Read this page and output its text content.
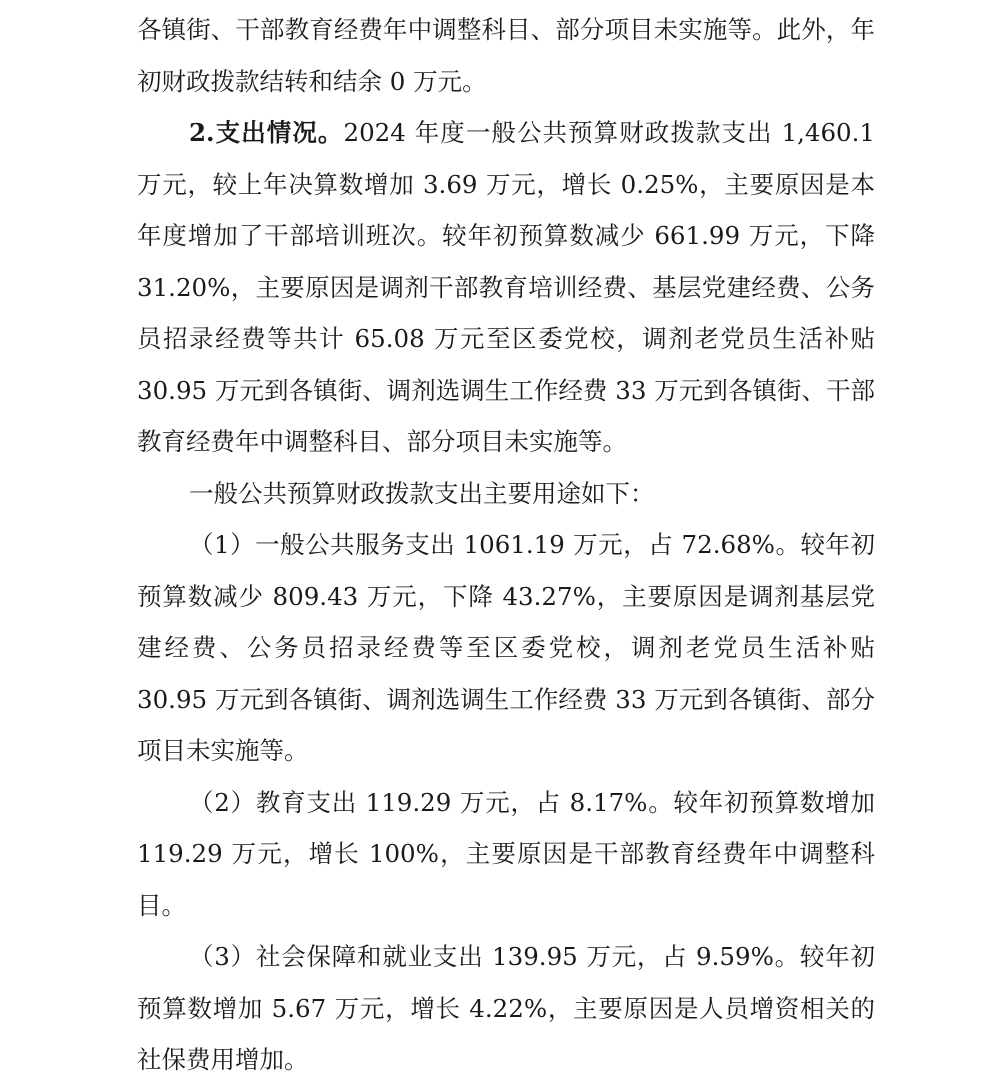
各镇街、干部教育经费年中调整科目、部分项目未实施等。此外，年初财政拨款结转和结余 0 万元。

2.支出情况。2024 年度一般公共预算财政拨款支出 1,460.1 万元，较上年决算数增加 3.69 万元，增长 0.25%，主要原因是本年度增加了干部培训班次。较年初预算数减少 661.99 万元，下降 31.20%，主要原因是调剂干部教育培训经费、基层党建经费、公务员招录经费等共计 65.08 万元至区委党校，调剂老党员生活补贴 30.95 万元到各镇街、调剂选调生工作经费 33 万元到各镇街、干部教育经费年中调整科目、部分项目未实施等。

一般公共预算财政拨款支出主要用途如下：

（1）一般公共服务支出 1061.19 万元，占 72.68%。较年初预算数减少 809.43 万元，下降 43.27%，主要原因是调剂基层党建经费、公务员招录经费等至区委党校，调剂老党员生活补贴 30.95 万元到各镇街、调剂选调生工作经费 33 万元到各镇街、部分项目未实施等。

（2）教育支出 119.29 万元，占 8.17%。较年初预算数增加 119.29 万元，增长 100%，主要原因是干部教育经费年中调整科目。

（3）社会保障和就业支出 139.95 万元，占 9.59%。较年初预算数增加 5.67 万元，增长 4.22%，主要原因是人员增资相关的社保费用增加。
